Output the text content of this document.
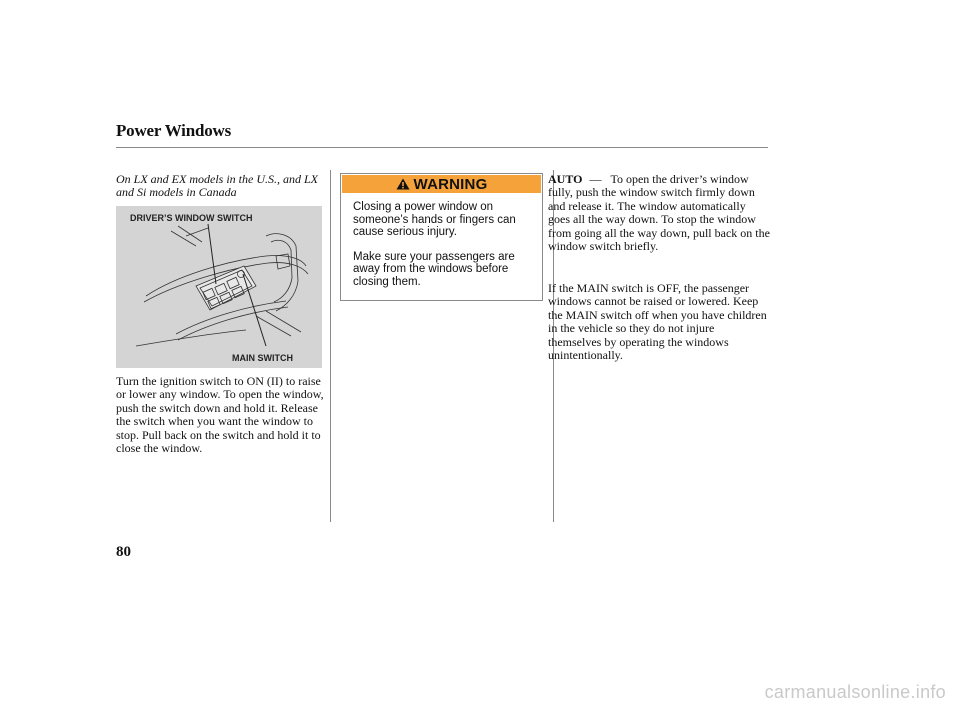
Power Windows
On LX and EX models in the U.S., and LX and Si models in Canada
DRIVER’S WINDOW SWITCH
MAIN SWITCH

Turn the ignition switch to ON (II) to raise or lower any window. To open the window, push the switch down and hold it. Release the switch when you want the window to stop. Pull back on the switch and hold it to close the window.

WARNING

Closing a power window on someone’s hands or fingers can cause serious injury.

Make sure your passengers are away from the windows before closing them.

AUTO — To open the driver’s window fully, push the window switch firmly down and release it. The window automatically goes all the way down. To stop the window from going all the way down, pull back on the window switch briefly.

If the MAIN switch is OFF, the passenger windows cannot be raised or lowered. Keep the MAIN switch off when you have children in the vehicle so they do not injure themselves by operating the windows unintentionally.

80
carmanualsonline.info
